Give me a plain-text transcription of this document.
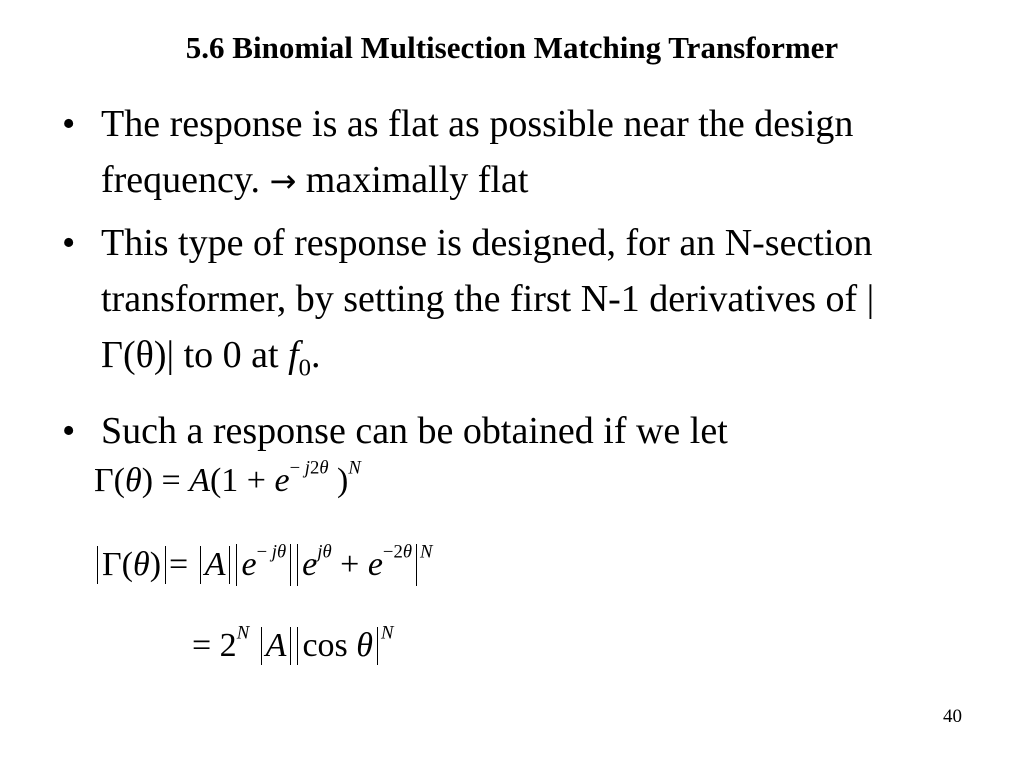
5.6 Binomial Multisection Matching Transformer
• The response is as flat as possible near the design frequency. → maximally flat
• This type of response is designed, for an N-section transformer, by setting the first N-1 derivatives of |Γ(θ)| to 0 at $f_0$.
• Such a response can be obtained if we let
$\Gamma(\theta) = A(1 + e^{- j2\theta}$ )$^N$
Γ(θ) = A $e^{- j\theta}$ $e^{j\theta} + e^{-2\theta}$ $^N$
= $2^N$ A cos θ $^N$
40
